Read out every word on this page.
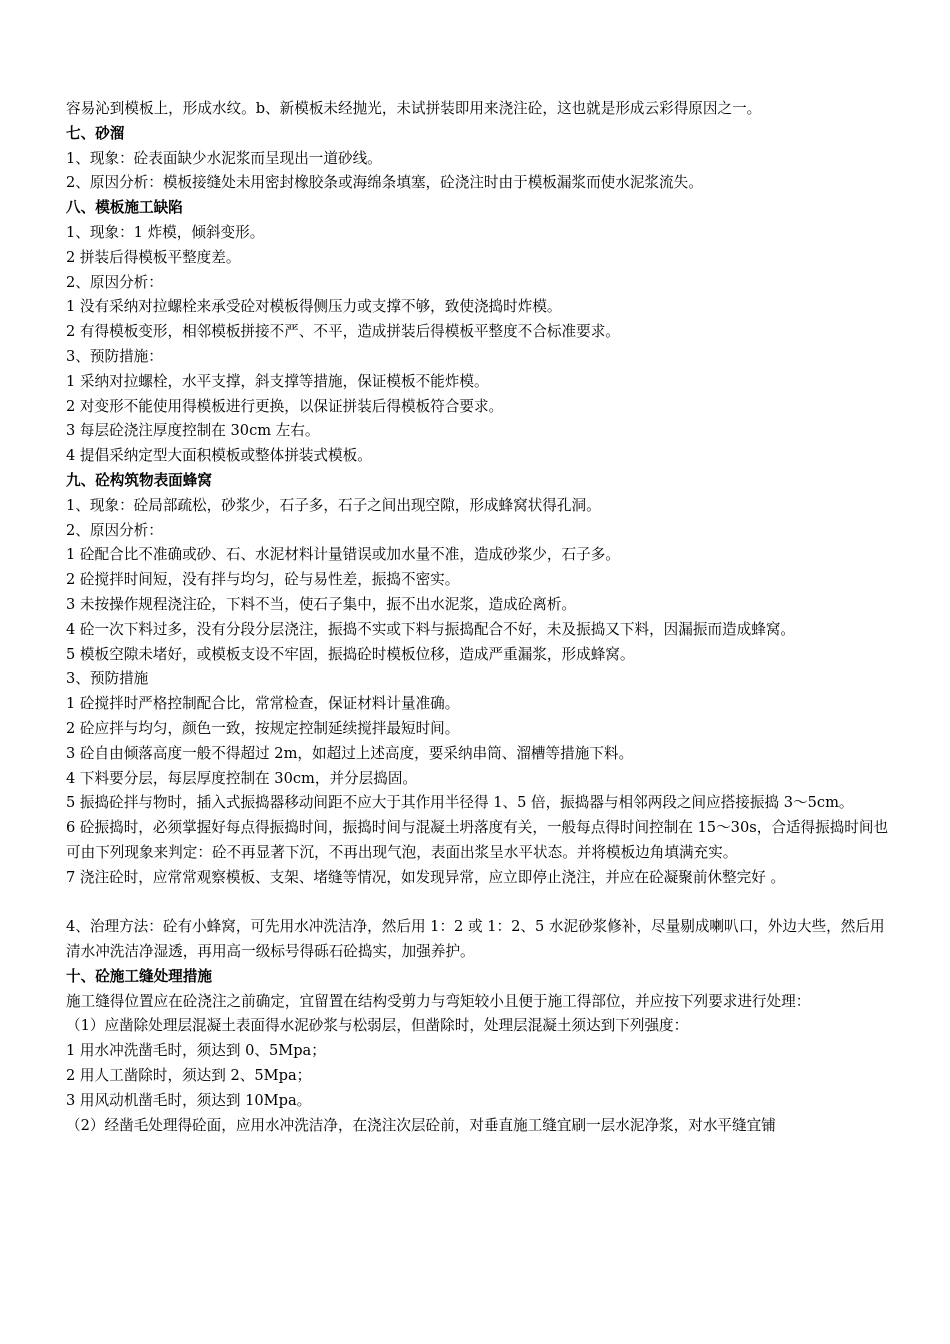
容易沁到模板上，形成水纹。b、新模板未经抛光，未试拼装即用来浇注砼，这也就是形成云彩得原因之一。

七、砂溜

1、现象：砼表面缺少水泥浆而呈现出一道砂线。

2、原因分析：模板接缝处未用密封橡胶条或海绵条填塞，砼浇注时由于模板漏浆而使水泥浆流失。

八、模板施工缺陷

1、现象：1 炸模，倾斜变形。

2 拼装后得模板平整度差。

2、原因分析：

1 没有采纳对拉螺栓来承受砼对模板得侧压力或支撑不够，致使浇捣时炸模。

2 有得模板变形，相邻模板拼接不严、不平，造成拼装后得模板平整度不合标准要求。

3、预防措施：

1 采纳对拉螺栓，水平支撑，斜支撑等措施，保证模板不能炸模。

2 对变形不能使用得模板进行更换，以保证拼装后得模板符合要求。

3 每层砼浇注厚度控制在 30cm 左右。

4 提倡采纳定型大面积模板或整体拼装式模板。

九、砼构筑物表面蜂窝

1、现象：砼局部疏松，砂浆少，石子多，石子之间出现空隙，形成蜂窝状得孔洞。

2、原因分析：

1 砼配合比不准确或砂、石、水泥材料计量错误或加水量不准，造成砂浆少，石子多。

2 砼搅拌时间短，没有拌与均匀，砼与易性差，振捣不密实。

3 未按操作规程浇注砼，下料不当，使石子集中，振不出水泥浆，造成砼离析。

4 砼一次下料过多，没有分段分层浇注，振捣不实或下料与振捣配合不好，未及振捣又下料，因漏振而造成蜂窝。

5 模板空隙未堵好，或模板支设不牢固，振捣砼时模板位移，造成严重漏浆，形成蜂窝。

3、预防措施

1 砼搅拌时严格控制配合比，常常检查，保证材料计量准确。

2 砼应拌与均匀，颜色一致，按规定控制延续搅拌最短时间。

3 砼自由倾落高度一般不得超过 2m，如超过上述高度，要采纳串筒、溜槽等措施下料。

4 下料要分层，每层厚度控制在 30cm，并分层捣固。

5 振捣砼拌与物时，插入式振捣器移动间距不应大于其作用半径得 1、5 倍，振捣器与相邻两段之间应搭接振捣 3～5cm。

6 砼振捣时，必须掌握好每点得振捣时间，振捣时间与混凝土坍落度有关，一般每点得时间控制在 15～30s，合适得振捣时间也可由下列现象来判定：砼不再显著下沉，不再出现气泡，表面出浆呈水平状态。并将模板边角填满充实。

7 浇注砼时，应常常观察模板、支架、堵缝等情况，如发现异常，应立即停止浇注，并应在砼凝聚前休整完好 。

4、治理方法：砼有小蜂窝，可先用水冲洗洁净，然后用 1：2 或 1：2、5 水泥砂浆修补，尽量剔成喇叭口，外边大些，然后用清水冲洗洁净湿透，再用高一级标号得砾石砼捣实，加强养护。

十、砼施工缝处理措施

施工缝得位置应在砼浇注之前确定，宜留置在结构受剪力与弯矩较小且便于施工得部位，并应按下列要求进行处理：

（1）应凿除处理层混凝土表面得水泥砂浆与松弱层，但凿除时，处理层混凝土须达到下列强度：

1 用水冲洗凿毛时，须达到 0、5Mpa；

2 用人工凿除时，须达到 2、5Mpa；

3 用风动机凿毛时，须达到 10Mpa。

（2）经凿毛处理得砼面，应用水冲洗洁净，在浇注次层砼前，对垂直施工缝宜刷一层水泥净浆，对水平缝宜铺
